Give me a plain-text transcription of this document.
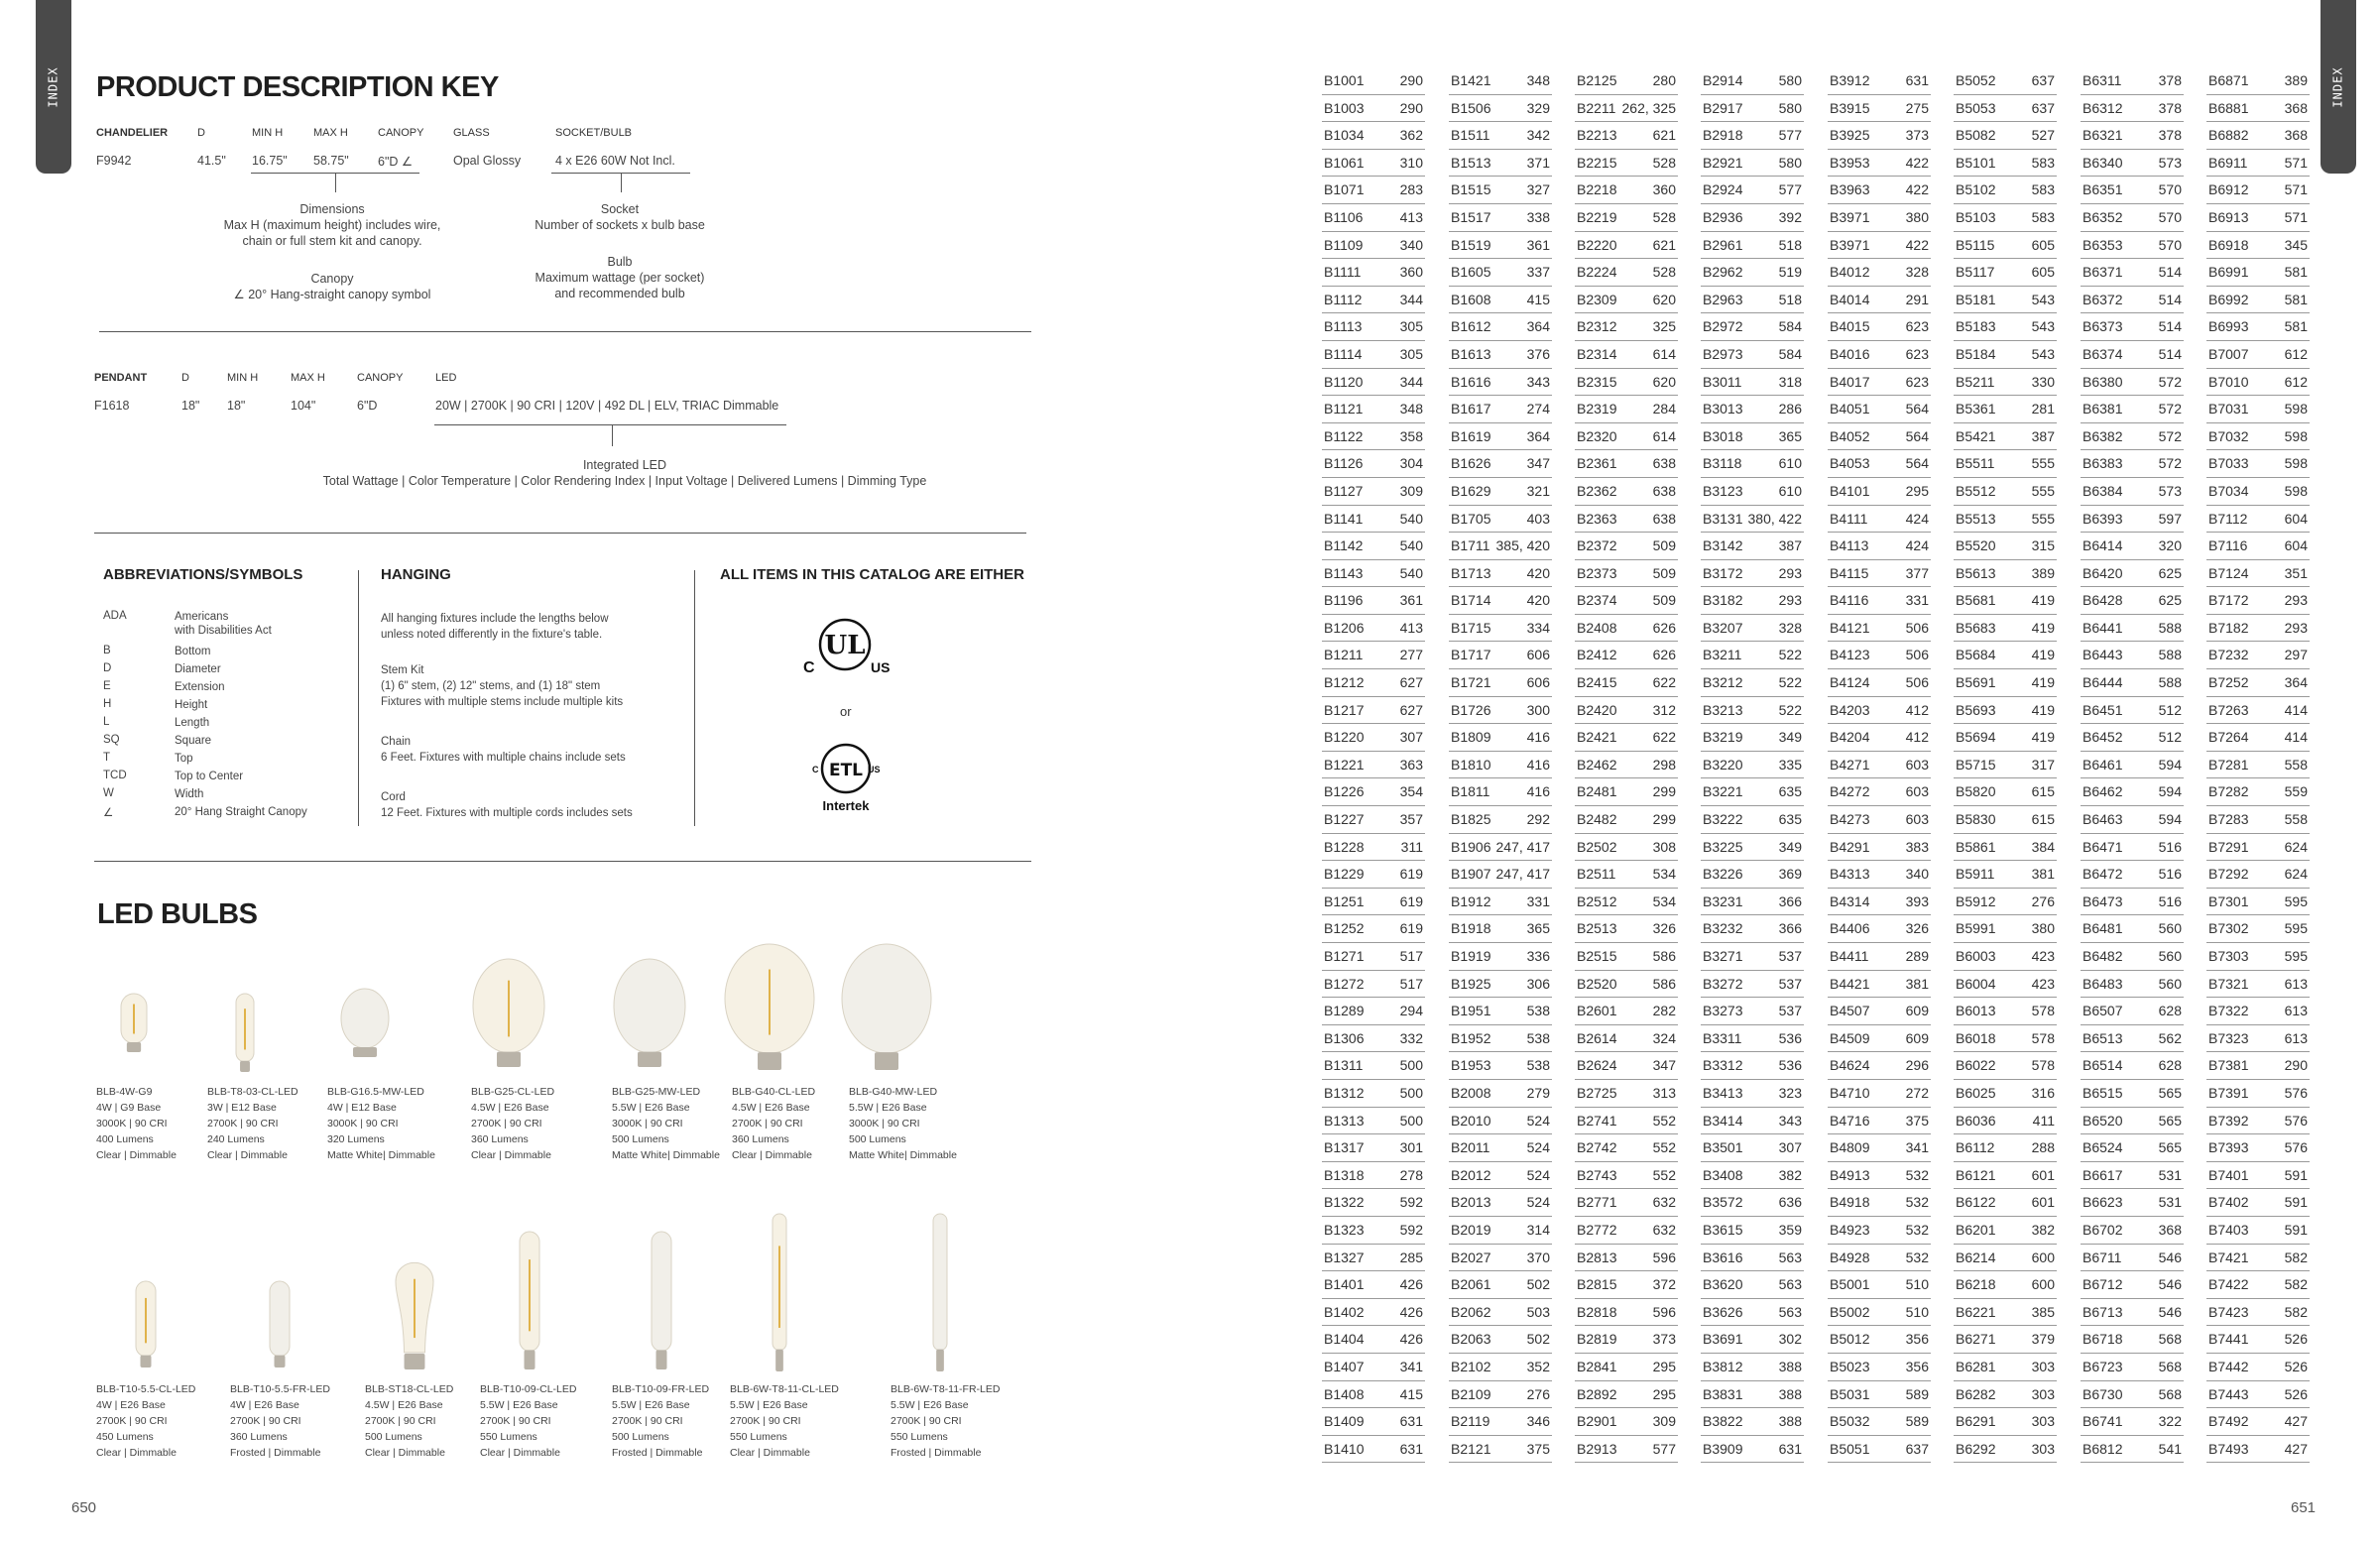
INDEX	INDEX
PRODUCT DESCRIPTION KEY
CHANDELIER	D	MIN H	MAX H	CANOPY	GLASS	SOCKET/BULB
F9942	41.5" 16.75" 58.75" 6"D ∠	Opal Glossy	4 x E26 60W Not Incl.
Dimensions
Max H (maximum height) includes wire,
chain or full stem kit and canopy.
Socket
Number of sockets x bulb base
Bulb
Maximum wattage (per socket)
and recommended bulb
Canopy
∠ 20° Hang-straight canopy symbol
PENDANT	D	MIN H	MAX H	CANOPY	LED
F1618	18" 18"	104"	6"D	20W | 2700K | 90 CRI | 120V | 492 DL | ELV, TRIAC Dimmable
Integrated LED
Total Wattage | Color Temperature | Color Rendering Index | Input Voltage | Delivered Lumens | Dimming Type
ABBREVIATIONS/SYMBOLS
ADA	Americans
with Disabilities Act
B	Bottom
D	Diameter
E	Extension
H	Height
L	Length
SQ	Square
T	Top
TCD	Top to Center
W	Width
∠	20° Hang Straight Canopy
HANGING
All hanging fixtures include the lengths below
unless noted differently in the fixture's table.
Stem Kit
(1) 6" stem, (2) 12" stems, and (1) 18" stem
Fixtures with multiple stems include multiple kits
Chain
6 Feet. Fixtures with multiple chains include sets
Cord
12 Feet. Fixtures with multiple cords includes sets
ALL ITEMS IN THIS CATALOG ARE EITHER
UL
C	US
or
ETL
C	US
Intertek
LED BULBS
BLB-4W-G9
4W | G9 Base
3000K | 90 CRI
400 Lumens
Clear | Dimmable
BLB-T8-03-CL-LED
3W | E12 Base
2700K | 90 CRI
240 Lumens
Clear | Dimmable
BLB-G16.5-MW-LED
4W | E12 Base
3000K | 90 CRI
320 Lumens
Matte White| Dimmable
BLB-G25-CL-LED
4.5W | E26 Base
2700K | 90 CRI
360 Lumens
Clear | Dimmable
BLB-G25-MW-LED
5.5W | E26 Base
3000K | 90 CRI
500 Lumens
Matte White| Dimmable
BLB-G40-CL-LED
4.5W | E26 Base
2700K | 90 CRI
360 Lumens
Clear | Dimmable
BLB-G40-MW-LED
5.5W | E26 Base
3000K | 90 CRI
500 Lumens
Matte White| Dimmable
BLB-T10-5.5-CL-LED
4W | E26 Base
2700K | 90 CRI
450 Lumens
Clear | Dimmable
BLB-T10-5.5-FR-LED
4W | E26 Base
2700K | 90 CRI
360 Lumens
Frosted | Dimmable
BLB-ST18-CL-LED
4.5W | E26 Base
2700K | 90 CRI
500 Lumens
Clear | Dimmable
BLB-T10-09-CL-LED
5.5W | E26 Base
2700K | 90 CRI
550 Lumens
Clear | Dimmable
BLB-T10-09-FR-LED
5.5W | E26 Base
2700K | 90 CRI
500 Lumens
Frosted | Dimmable
BLB-6W-T8-11-CL-LED
5.5W | E26 Base
2700K | 90 CRI
550 Lumens
Clear | Dimmable
BLB-6W-T8-11-FR-LED
5.5W | E26 Base
2700K | 90 CRI
550 Lumens
Frosted | Dimmable
650
B1001	290
B1003	290
B1034	362
B1061	310
B1071	283
B1106	413
B1109	340
B1111	360
B1112	344
B1113	305
B1114	305
B1120	344
B1121	348
B1122	358
B1126	304
B1127	309
B1141	540
B1142	540
B1143	540
B1196	361
B1206	413
B1211	277
B1212	627
B1217	627
B1220	307
B1221	363
B1226	354
B1227	357
B1228	311
B1229	619
B1251	619
B1252	619
B1271	517
B1272	517
B1289	294
B1306	332
B1311	500
B1312	500
B1313	500
B1317	301
B1318	278
B1322	592
B1323	592
B1327	285
B1401	426
B1402	426
B1404	426
B1407	341
B1408	415
B1409	631
B1410	631
B1421	348
B1506	329
B1511	342
B1513	371
B1515	327
B1517	338
B1519	361
B1605	337
B1608	415
B1612	364
B1613	376
B1616	343
B1617	274
B1619	364
B1626	347
B1629	321
B1705	403
B1711 385, 420
B1713	420
B1714	420
B1715	334
B1717	606
B1721	606
B1726	300
B1809	416
B1810	416
B1811	416
B1825	292
B1906 247, 417
B1907 247, 417
B1912	331
B1918	365
B1919	336
B1925	306
B1951	538
B1952	538
B1953	538
B2008	279
B2010	524
B2011	524
B2012	524
B2013	524
B2019	314
B2027	370
B2061	502
B2062	503
B2063	502
B2102	352
B2109	276
B2119	346
B2121	375
B2125	280
B2211 262, 325
B2213	621
B2215	528
B2218	360
B2219	528
B2220	621
B2224	528
B2309	620
B2312	325
B2314	614
B2315	620
B2319	284
B2320	614
B2361	638
B2362	638
B2363	638
B2372	509
B2373	509
B2374	509
B2408	626
B2412	626
B2415	622
B2420	312
B2421	622
B2462	298
B2481	299
B2482	299
B2502	308
B2511	534
B2512	534
B2513	326
B2515	586
B2520	586
B2601	282
B2614	324
B2624	347
B2725	313
B2741	552
B2742	552
B2743	552
B2771	632
B2772	632
B2813	596
B2815	372
B2818	596
B2819	373
B2841	295
B2892	295
B2901	309
B2913	577
B2914	580
B2917	580
B2918	577
B2921	580
B2924	577
B2936	392
B2961	518
B2962	519
B2963	518
B2972	584
B2973	584
B3011	318
B3013	286
B3018	365
B3118	610
B3123	610
B3131 380, 422
B3142	387
B3172	293
B3182	293
B3207	328
B3211	522
B3212	522
B3213	522
B3219	349
B3220	335
B3221	635
B3222	635
B3225	349
B3226	369
B3231	366
B3232	366
B3271	537
B3272	537
B3273	537
B3311	536
B3312	536
B3413	323
B3414	343
B3501	307
B3408	382
B3572	636
B3615	359
B3616	563
B3620	563
B3626	563
B3691	302
B3812	388
B3831	388
B3822	388
B3909	631
B3912	631
B3915	275
B3925	373
B3953	422
B3963	422
B3971	380
B3971	422
B4012	328
B4014	291
B4015	623
B4016	623
B4017	623
B4051	564
B4052	564
B4053	564
B4101	295
B4111	424
B4113	424
B4115	377
B4116	331
B4121	506
B4123	506
B4124	506
B4203	412
B4204	412
B4271	603
B4272	603
B4273	603
B4291	383
B4313	340
B4314	393
B4406	326
B4411	289
B4421	381
B4507	609
B4509	609
B4624	296
B4710	272
B4716	375
B4809	341
B4913	532
B4918	532
B4923	532
B4928	532
B5001	510
B5002	510
B5012	356
B5023	356
B5031	589
B5032	589
B5051	637
B5052	637
B5053	637
B5082	527
B5101	583
B5102	583
B5103	583
B5115	605
B5117	605
B5181	543
B5183	543
B5184	543
B5211	330
B5361	281
B5421	387
B5511	555
B5512	555
B5513	555
B5520	315
B5613	389
B5681	419
B5683	419
B5684	419
B5691	419
B5693	419
B5694	419
B5715	317
B5820	615
B5830	615
B5861	384
B5911	381
B5912	276
B5991	380
B6003	423
B6004	423
B6013	578
B6018	578
B6022	578
B6025	316
B6036	411
B6112	288
B6121	601
B6122	601
B6201	382
B6214	600
B6218	600
B6221	385
B6271	379
B6281	303
B6282	303
B6291	303
B6292	303
B6311	378
B6312	378
B6321	378
B6340	573
B6351	570
B6352	570
B6353	570
B6371	514
B6372	514
B6373	514
B6374	514
B6380	572
B6381	572
B6382	572
B6383	572
B6384	573
B6393	597
B6414	320
B6420	625
B6428	625
B6441	588
B6443	588
B6444	588
B6451	512
B6452	512
B6461	594
B6462	594
B6463	594
B6471	516
B6472	516
B6473	516
B6481	560
B6482	560
B6483	560
B6507	628
B6513	562
B6514	628
B6515	565
B6520	565
B6524	565
B6617	531
B6623	531
B6702	368
B6711	546
B6712	546
B6713	546
B6718	568
B6723	568
B6730	568
B6741	322
B6812	541
B6871	389
B6881	368
B6882	368
B6911	571
B6912	571
B6913	571
B6918	345
B6991	581
B6992	581
B6993	581
B7007	612
B7010	612
B7031	598
B7032	598
B7033	598
B7034	598
B7112	604
B7116	604
B7124	351
B7172	293
B7182	293
B7232	297
B7252	364
B7263	414
B7264	414
B7281	558
B7282	559
B7283	558
B7291	624
B7292	624
B7301	595
B7302	595
B7303	595
B7321	613
B7322	613
B7323	613
B7381	290
B7391	576
B7392	576
B7393	576
B7401	591
B7402	591
B7403	591
B7421	582
B7422	582
B7423	582
B7441	526
B7442	526
B7443	526
B7492	427
B7493	427
651
